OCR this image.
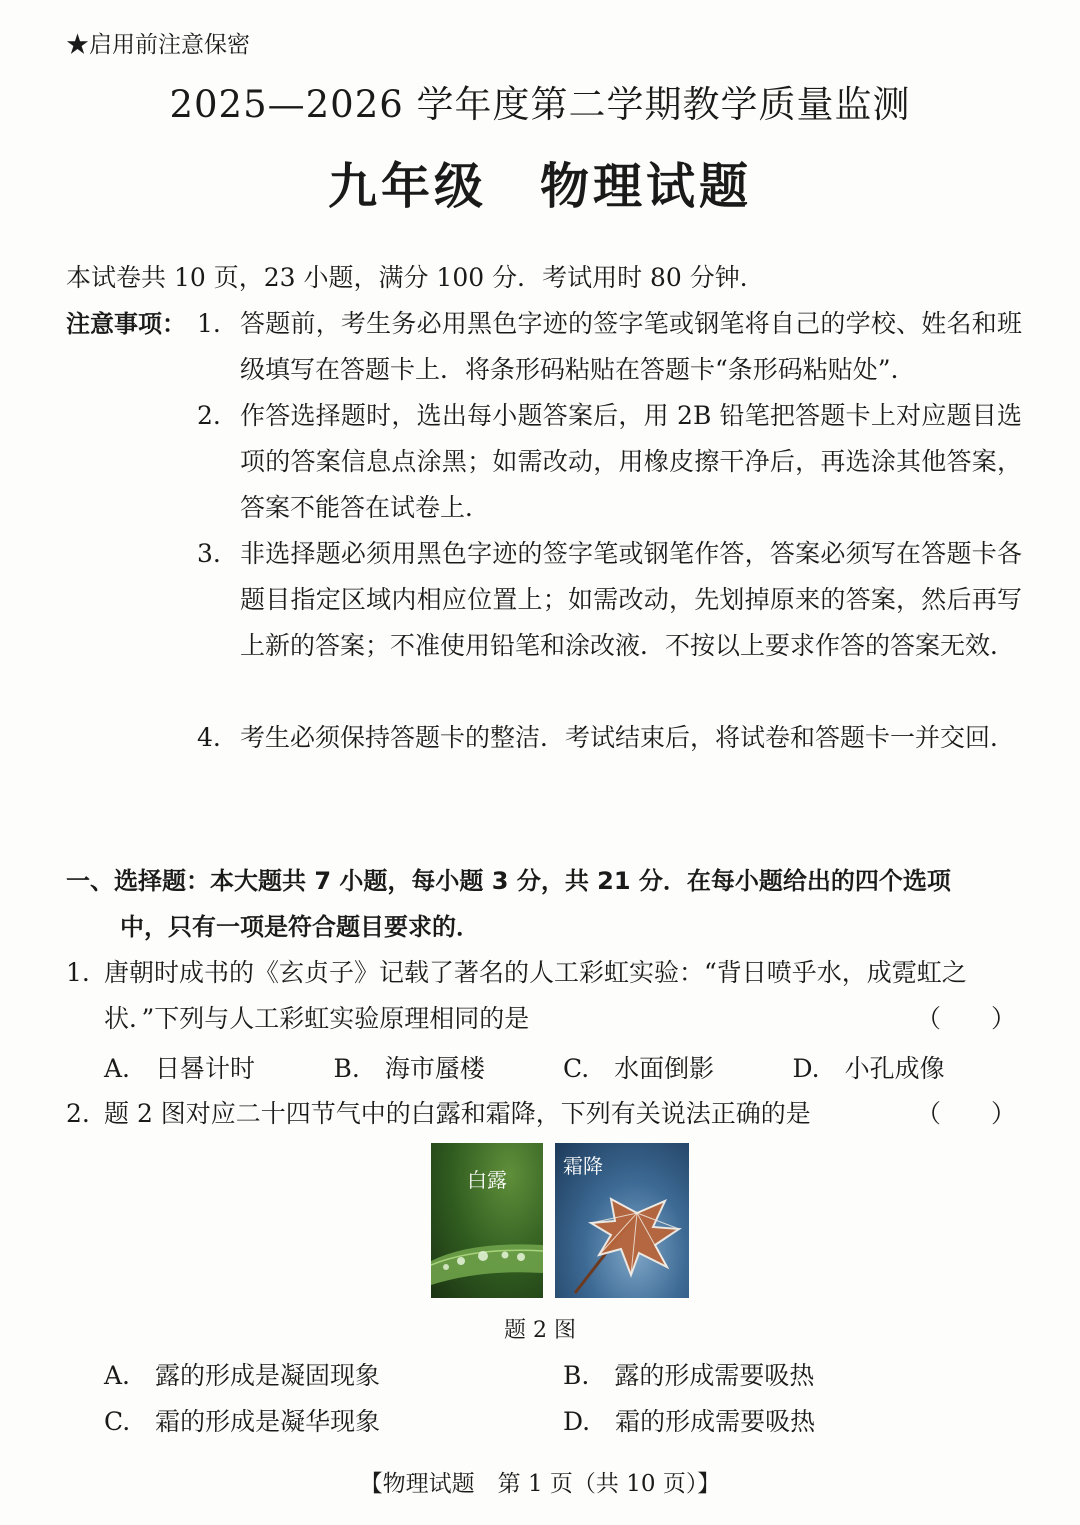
★启用前注意保密
2025—2026 学年度第二学期教学质量监测
九年级　物理试题
本试卷共 10 页，23 小题，满分 100 分．考试用时 80 分钟．
注意事项： 1. 答题前，考生务必用黑色字迹的签字笔或钢笔将自己的学校、姓名和班级填写在答题卡上．将条形码粘贴在答题卡“条形码粘贴处”．
2. 作答选择题时，选出每小题答案后，用 2B 铅笔把答题卡上对应题目选项的答案信息点涂黑；如需改动，用橡皮擦干净后，再选涂其他答案，答案不能答在试卷上．
3. 非选择题必须用黑色字迹的签字笔或钢笔作答，答案必须写在答题卡各题目指定区域内相应位置上；如需改动，先划掉原来的答案，然后再写上新的答案；不准使用铅笔和涂改液．不按以上要求作答的答案无效．
4. 考生必须保持答题卡的整洁．考试结束后，将试卷和答题卡一并交回．
一、选择题：本大题共 7 小题，每小题 3 分，共 21 分．在每小题给出的四个选项
中，只有一项是符合题目要求的．
1. 唐朝时成书的《玄贞子》记载了著名的人工彩虹实验：“背日喷乎水，成霓虹之状．”下列与人工彩虹实验原理相同的是	（　　）
A.　日晷计时	B.　海市蜃楼	C.　水面倒影	D.　小孔成像
2. 题 2 图对应二十四节气中的白露和霜降，下列有关说法正确的是	（　　）
白露
霜降
题 2 图
A.　露的形成是凝固现象	B.　露的形成需要吸热
C.　霜的形成是凝华现象	D.　霜的形成需要吸热
【物理试题　第 1 页（共 10 页）】
